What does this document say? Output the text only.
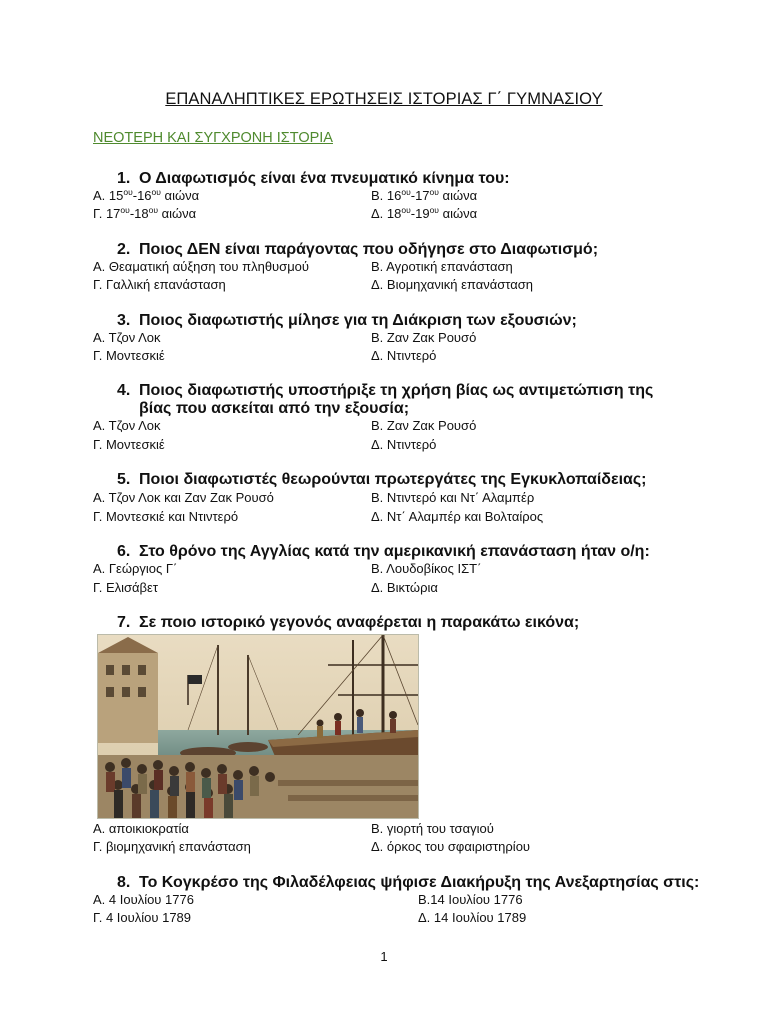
ΕΠΑΝΑΛΗΠΤΙΚΕΣ ΕΡΩΤΗΣΕΙΣ ΙΣΤΟΡΙΑΣ Γ΄ ΓΥΜΝΑΣΙΟΥ
ΝΕΟΤΕΡΗ ΚΑΙ ΣΥΓΧΡΟΝΗ ΙΣΤΟΡΙΑ
1. Ο Διαφωτισμός είναι ένα πνευματικό κίνημα του:
Α. $15^{o\upsilon}-16^{o\upsilon}$ αιώνα	Β. $16^{o\upsilon}-17^{o\upsilon}$ αιώνα
Γ. $17^{o\upsilon}-18^{o\upsilon}$ αιώνα	Δ. $18^{o\upsilon}-19^{o\upsilon}$ αιώνα
2. Ποιος ΔΕΝ είναι παράγοντας που οδήγησε στο Διαφωτισμό;
Α. Θεαματική αύξηση του πληθυσμού	Β. Αγροτική επανάσταση
Γ. Γαλλική επανάσταση	Δ. Βιομηχανική επανάσταση
3. Ποιος διαφωτιστής μίλησε για τη Διάκριση των εξουσιών;
Α. Τζον Λοκ	Β. Ζαν Ζακ Ρουσό
Γ. Μοντεσκιέ	Δ. Ντιντερό
4. Ποιος διαφωτιστής υποστήριξε τη χρήση βίας ως αντιμετώπιση της βίας που ασκείται από την εξουσία;
Α. Τζον Λοκ	Β. Ζαν Ζακ Ρουσό
Γ. Μοντεσκιέ	Δ. Ντιντερό
5. Ποιοι διαφωτιστές θεωρούνται πρωτεργάτες της Εγκυκλοπαίδειας;
Α. Τζον Λοκ και Ζαν Ζακ Ρουσό	Β. Ντιντερό και Ντ΄ Αλαμπέρ
Γ. Μοντεσκιέ και Ντιντερό	Δ. Ντ΄ Αλαμπέρ και Βολταίρος
6. Στο θρόνο της Αγγλίας κατά την αμερικανική επανάσταση ήταν ο/η:
Α. Γεώργιος Γ΄	Β. Λουδοβίκος ΙΣΤ΄
Γ. Ελισάβετ	Δ. Βικτώρια
7. Σε ποιο ιστορικό γεγονός αναφέρεται η παρακάτω εικόνα;
Α. αποικιοκρατία	Β. γιορτή του τσαγιού
Γ. βιομηχανική επανάσταση	Δ. όρκος του σφαιριστηρίου
8. Το Κογκρέσο της Φιλαδέλφειας ψήφισε Διακήρυξη της Ανεξαρτησίας στις:
Α. 4 Ιουλίου 1776	Β.14 Ιουλίου 1776
Γ. 4 Ιουλίου 1789	Δ. 14 Ιουλίου 1789
1
